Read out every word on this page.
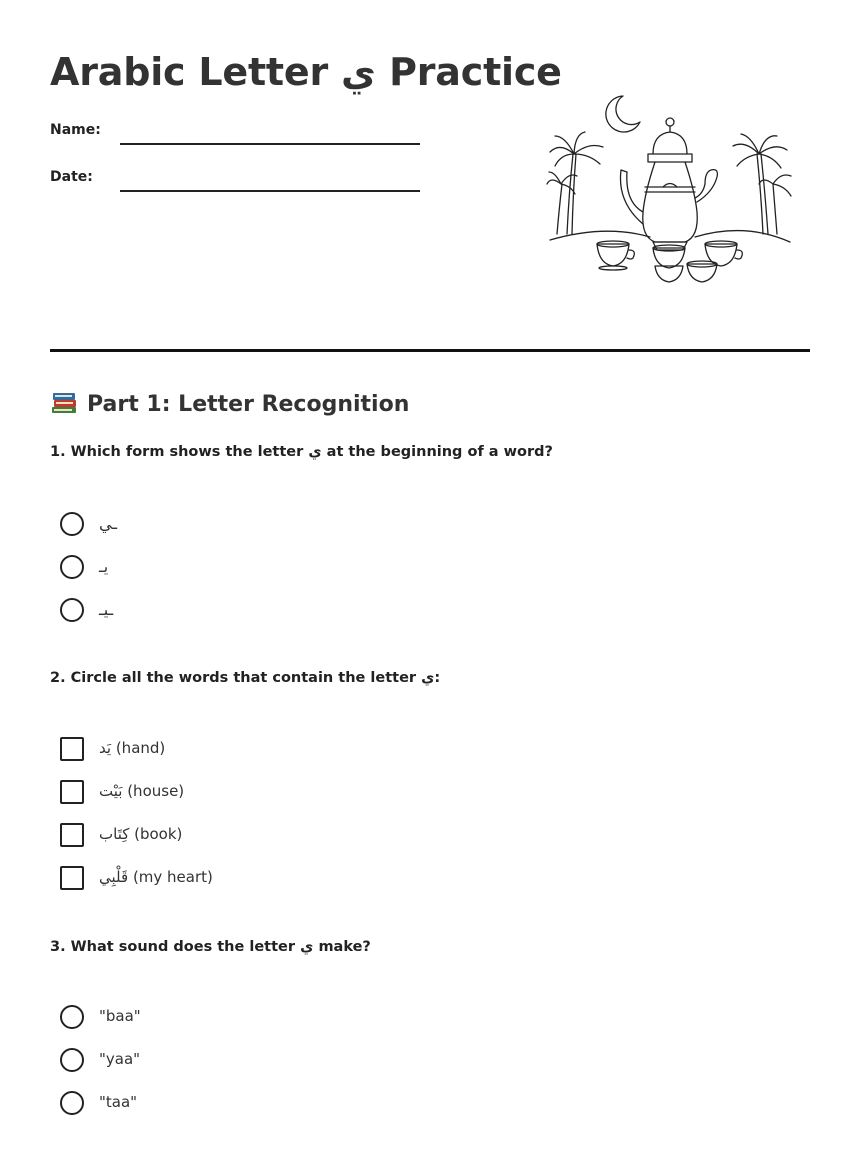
Arabic Letter ي Practice
Name:
Date:
Part 1: Letter Recognition

1. Which form shows the letter ي at the beginning of a word?

ـي
يـ
ـيـ

2. Circle all the words that contain the letter ي:

يَد (hand)
بَيْت (house)
كِتَاب (book)
قَلْبِي (my heart)

3. What sound does the letter ي make?

"baa"
"yaa"
"taa"
